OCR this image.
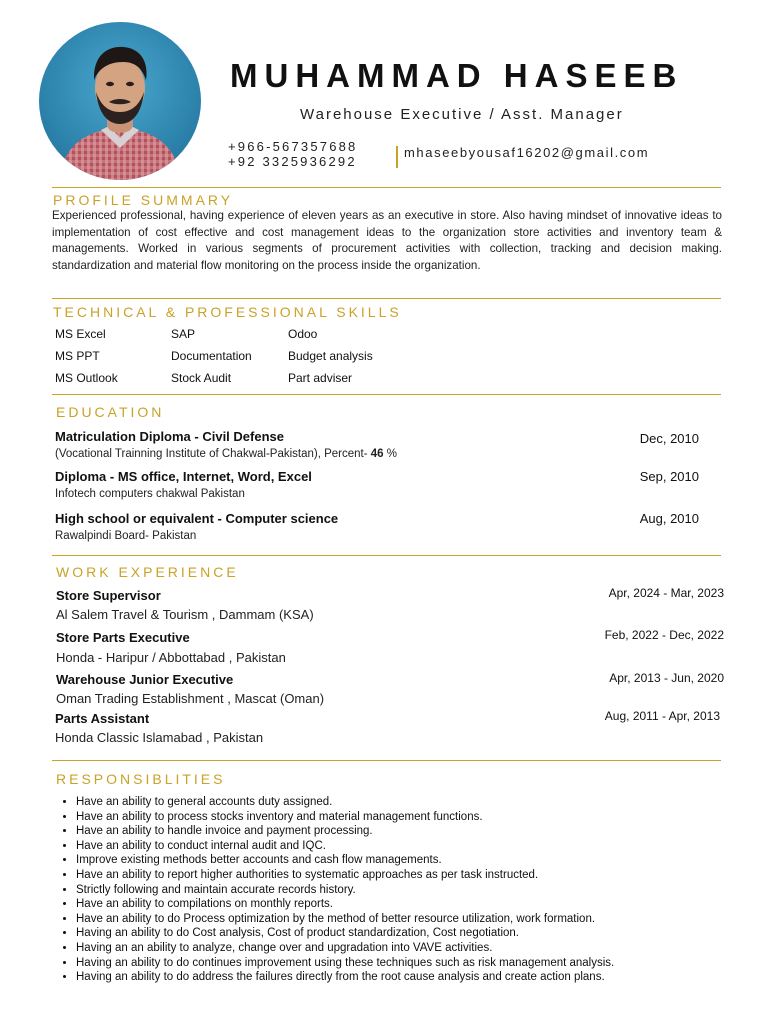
MUHAMMAD HASEEB
Warehouse Executive / Asst. Manager
+966-567357688
+92 3325936292
mhaseebyousaf16202@gmail.com
PROFILE SUMMARY
Experienced professional, having experience of eleven years as an executive in store. Also having mindset of innovative ideas to implementation of cost effective and cost management ideas to the organization store activities and inventory team & managements. Worked in various segments of procurement activities with collection, tracking and decision making. standardization and material flow monitoring on the process inside the organization.
TECHNICAL & PROFESSIONAL SKILLS
MS Excel
MS PPT
MS Outlook
SAP
Documentation
Stock Audit
Odoo
Budget analysis
Part adviser
EDUCATION
Matriculation Diploma - Civil Defense
(Vocational Trainning Institute of Chakwal-Pakistan), Percent- 46 %
Dec, 2010
Diploma - MS office, Internet, Word, Excel
Infotech computers chakwal Pakistan
Sep, 2010
High school or equivalent - Computer science
Rawalpindi Board- Pakistan
Aug, 2010
WORK EXPERIENCE
Store Supervisor
Al Salem Travel & Tourism , Dammam (KSA)
Apr, 2024 - Mar, 2023
Store Parts Executive
Honda - Haripur / Abbottabad , Pakistan
Feb, 2022 - Dec, 2022
Warehouse Junior Executive
Oman Trading Establishment , Mascat (Oman)
Apr, 2013 - Jun, 2020
Parts Assistant
Honda Classic Islamabad , Pakistan
Aug, 2011 - Apr, 2013
RESPONSIBLITIES
• Have an ability to general accounts duty assigned.
• Have an ability to process stocks inventory and material management functions.
• Have an ability to handle invoice and payment processing.
• Have an ability to conduct internal audit and IQC.
• Improve existing methods better accounts and cash flow managements.
• Have an ability to report higher authorities to systematic approaches as per task instructed.
• Strictly following and maintain accurate records history.
• Have an ability to compilations on monthly reports.
• Have an ability to do Process optimization by the method of better resource utilization, work formation.
• Having an ability to do Cost analysis, Cost of product standardization, Cost negotiation.
• Having an an ability to analyze, change over and upgradation into VAVE activities.
• Having an ability to do continues improvement using these techniques such as risk management analysis.
• Having an ability to do address the failures directly from the root cause analysis and create action plans.
